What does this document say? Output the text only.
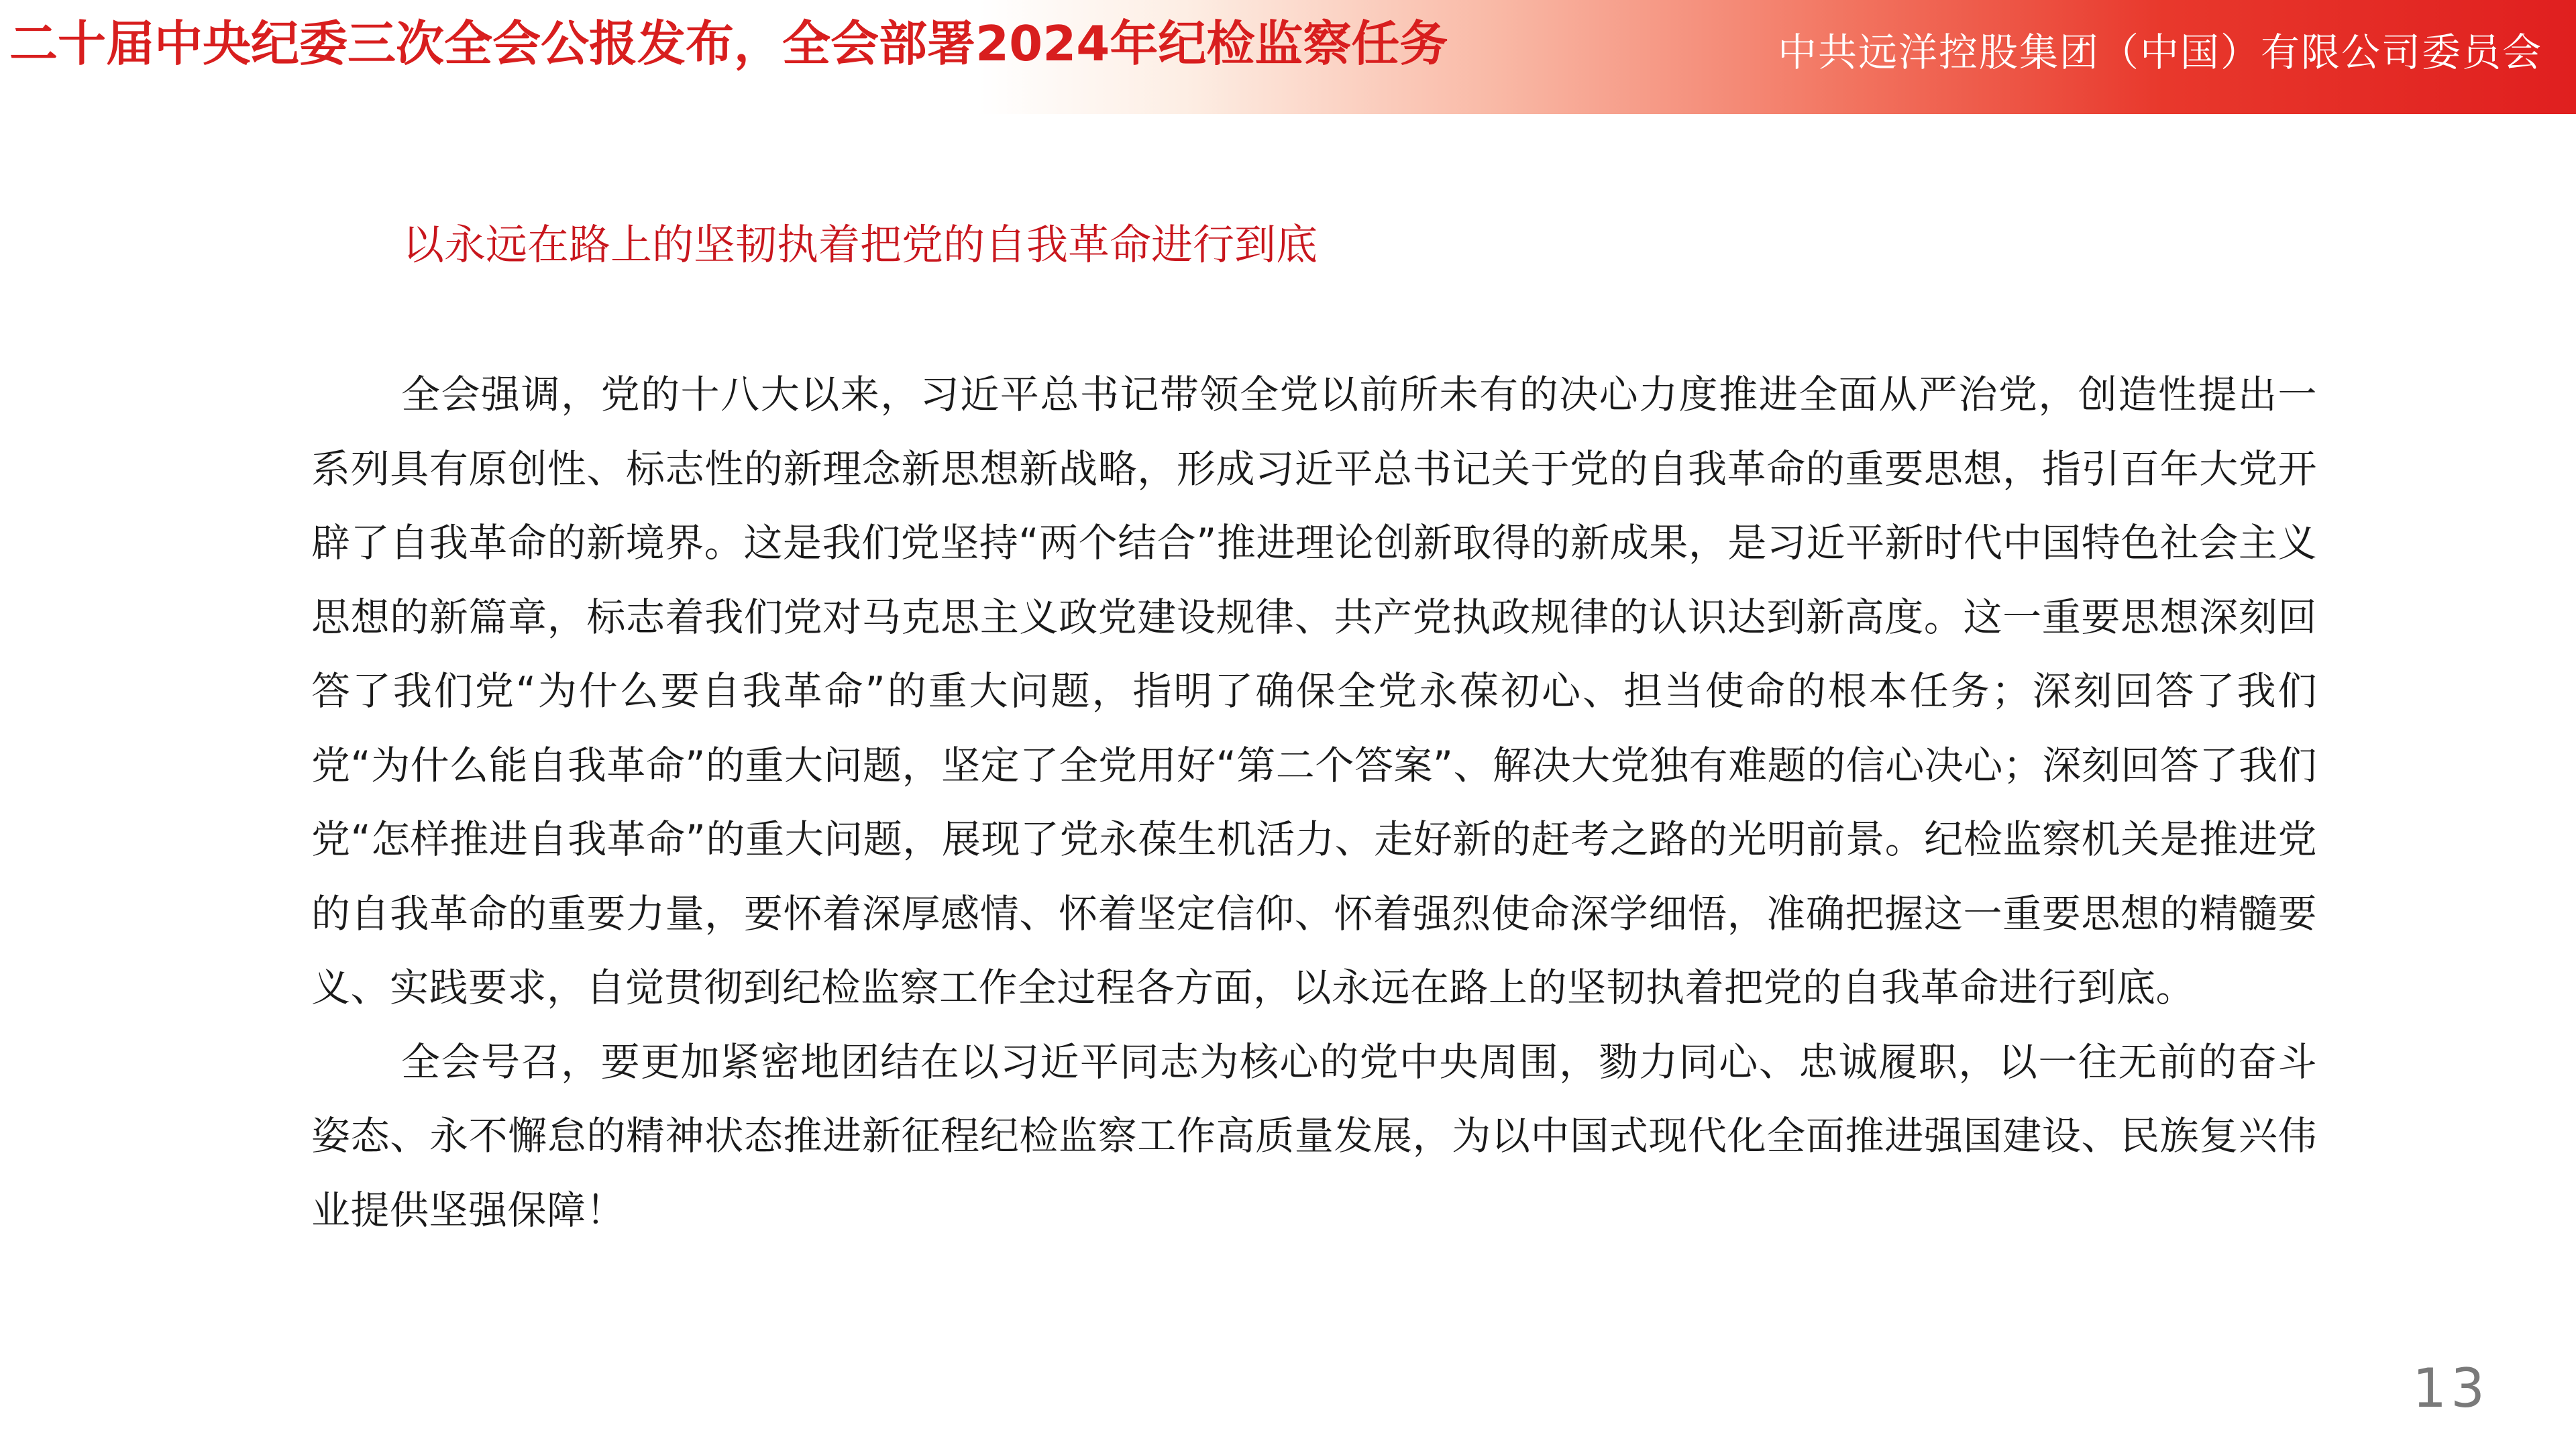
二十届中央纪委三次全会公报发布，全会部署2024年纪检监察任务	中共远洋控股集团（中国）有限公司委员会
以永远在路上的坚韧执着把党的自我革命进行到底

全会强调，党的十八大以来，习近平总书记带领全党以前所未有的决心力度推进全面从严治党，创造性提出一系列具有原创性、标志性的新理念新思想新战略，形成习近平总书记关于党的自我革命的重要思想，指引百年大党开辟了自我革命的新境界。这是我们党坚持“两个结合”推进理论创新取得的新成果，是习近平新时代中国特色社会主义思想的新篇章，标志着我们党对马克思主义政党建设规律、共产党执政规律的认识达到新高度。这一重要思想深刻回答了我们党“为什么要自我革命”的重大问题，指明了确保全党永葆初心、担当使命的根本任务；深刻回答了我们党“为什么能自我革命”的重大问题，坚定了全党用好“第二个答案”、解决大党独有难题的信心决心；深刻回答了我们党“怎样推进自我革命”的重大问题，展现了党永葆生机活力、走好新的赶考之路的光明前景。纪检监察机关是推进党的自我革命的重要力量，要怀着深厚感情、怀着坚定信仰、怀着强烈使命深学细悟，准确把握这一重要思想的精髓要义、实践要求，自觉贯彻到纪检监察工作全过程各方面，以永远在路上的坚韧执着把党的自我革命进行到底。

全会号召，要更加紧密地团结在以习近平同志为核心的党中央周围，勠力同心、忠诚履职，以一往无前的奋斗姿态、永不懈怠的精神状态推进新征程纪检监察工作高质量发展，为以中国式现代化全面推进强国建设、民族复兴伟业提供坚强保障！

13
